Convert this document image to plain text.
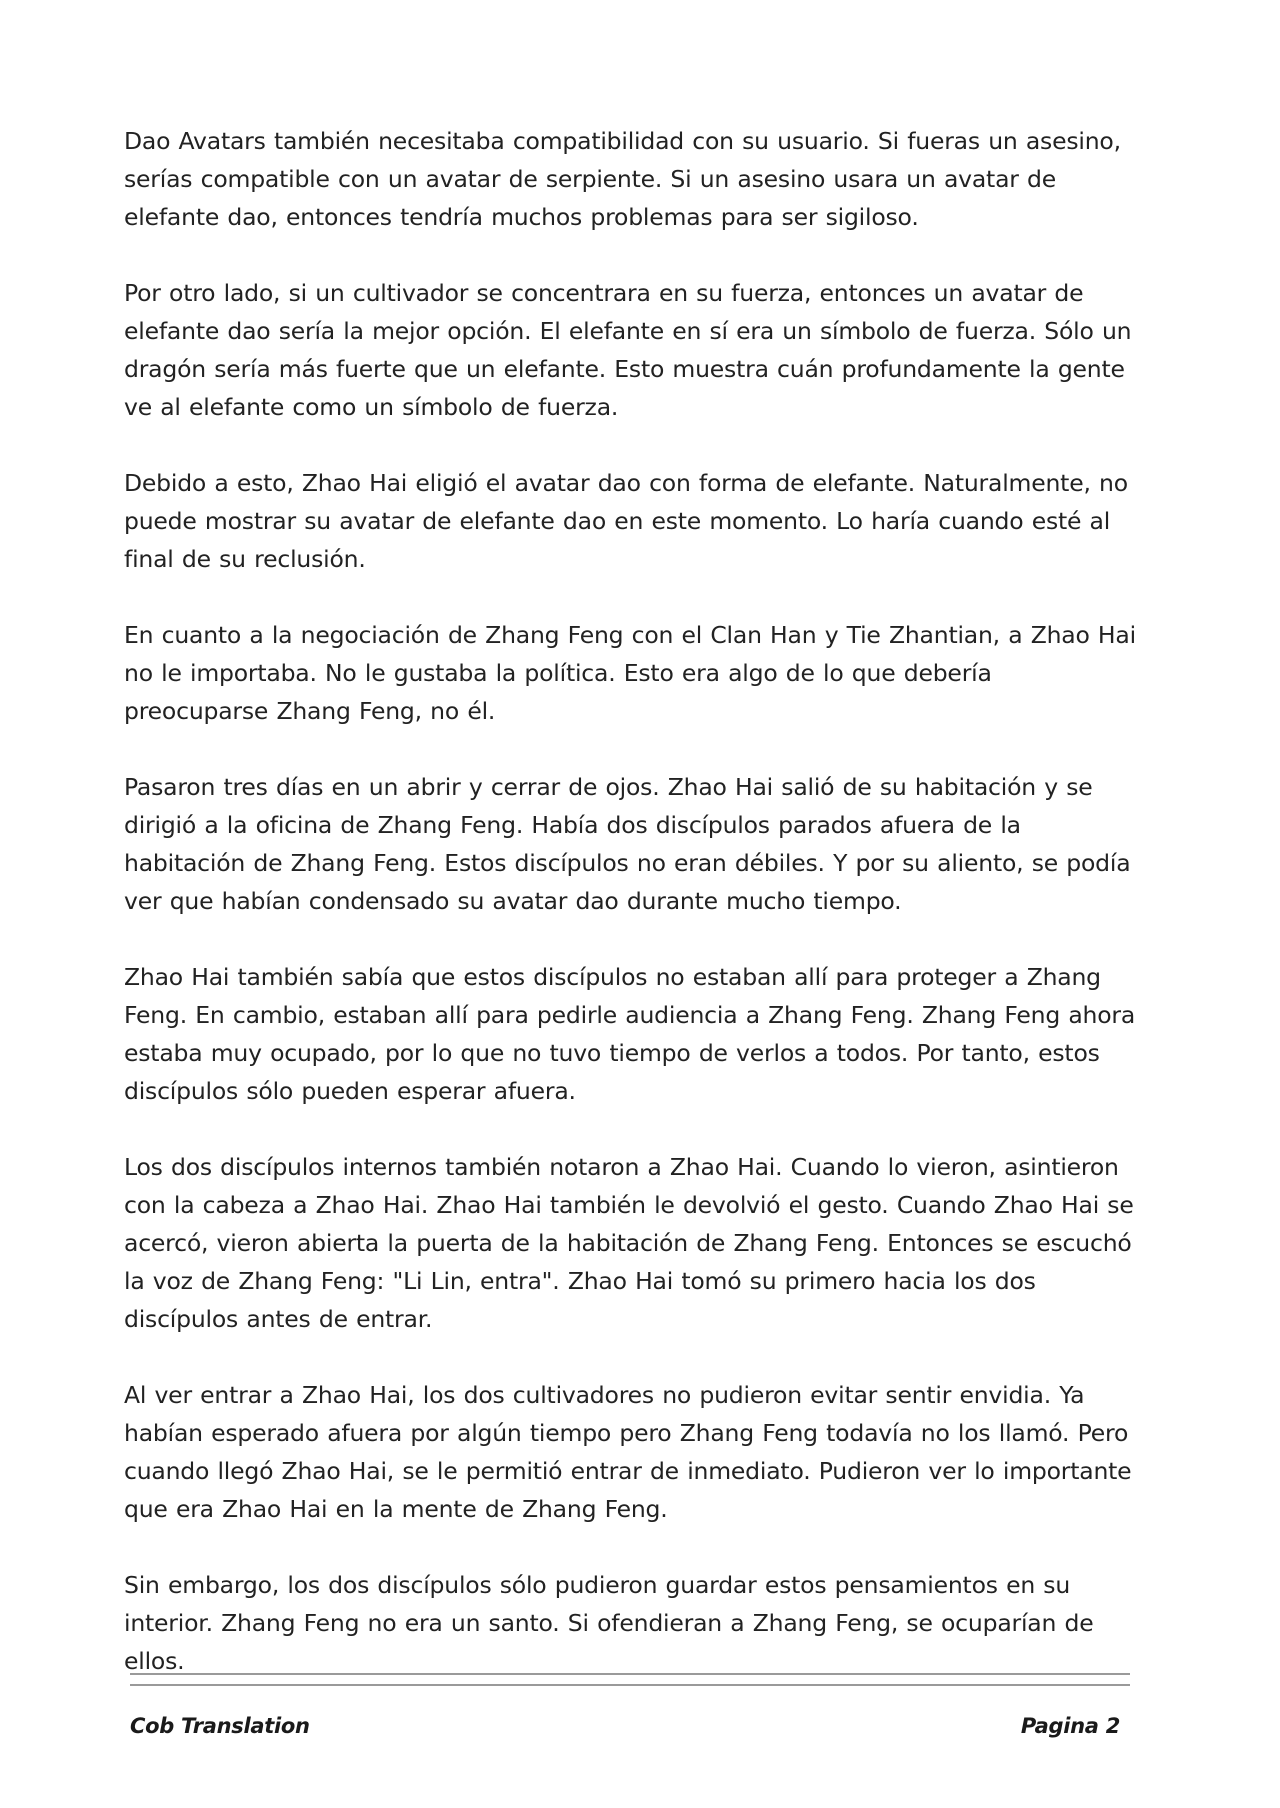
Dao Avatars también necesitaba compatibilidad con su usuario. Si fueras un asesino, serías compatible con un avatar de serpiente. Si un asesino usara un avatar de elefante dao, entonces tendría muchos problemas para ser sigiloso.

Por otro lado, si un cultivador se concentrara en su fuerza, entonces un avatar de elefante dao sería la mejor opción. El elefante en sí era un símbolo de fuerza. Sólo un dragón sería más fuerte que un elefante. Esto muestra cuán profundamente la gente ve al elefante como un símbolo de fuerza.

Debido a esto, Zhao Hai eligió el avatar dao con forma de elefante. Naturalmente, no puede mostrar su avatar de elefante dao en este momento. Lo haría cuando esté al final de su reclusión.

En cuanto a la negociación de Zhang Feng con el Clan Han y Tie Zhantian, a Zhao Hai no le importaba. No le gustaba la política. Esto era algo de lo que debería preocuparse Zhang Feng, no él.

Pasaron tres días en un abrir y cerrar de ojos. Zhao Hai salió de su habitación y se dirigió a la oficina de Zhang Feng. Había dos discípulos parados afuera de la habitación de Zhang Feng. Estos discípulos no eran débiles. Y por su aliento, se podía ver que habían condensado su avatar dao durante mucho tiempo.

Zhao Hai también sabía que estos discípulos no estaban allí para proteger a Zhang Feng. En cambio, estaban allí para pedirle audiencia a Zhang Feng. Zhang Feng ahora estaba muy ocupado, por lo que no tuvo tiempo de verlos a todos. Por tanto, estos discípulos sólo pueden esperar afuera.

Los dos discípulos internos también notaron a Zhao Hai. Cuando lo vieron, asintieron con la cabeza a Zhao Hai. Zhao Hai también le devolvió el gesto. Cuando Zhao Hai se acercó, vieron abierta la puerta de la habitación de Zhang Feng. Entonces se escuchó la voz de Zhang Feng: "Li Lin, entra". Zhao Hai tomó su primero hacia los dos discípulos antes de entrar.

Al ver entrar a Zhao Hai, los dos cultivadores no pudieron evitar sentir envidia. Ya habían esperado afuera por algún tiempo pero Zhang Feng todavía no los llamó. Pero cuando llegó Zhao Hai, se le permitió entrar de inmediato. Pudieron ver lo importante que era Zhao Hai en la mente de Zhang Feng.

Sin embargo, los dos discípulos sólo pudieron guardar estos pensamientos en su interior. Zhang Feng no era un santo. Si ofendieran a Zhang Feng, se ocuparían de ellos.

Cob Translation	Pagina 2
